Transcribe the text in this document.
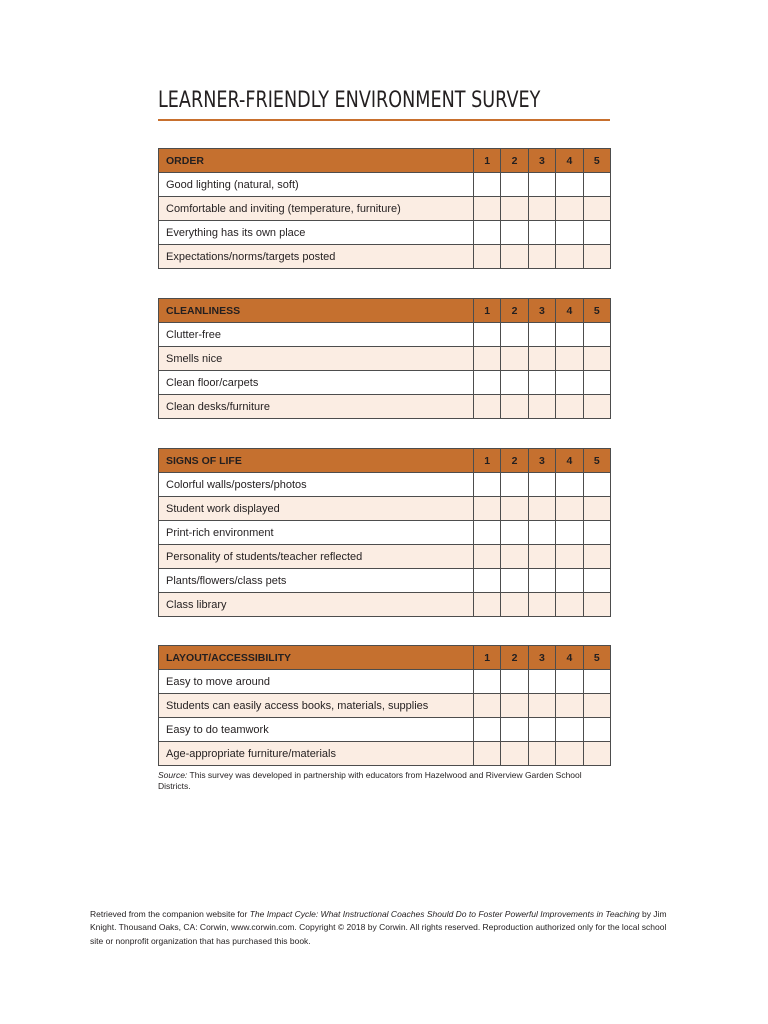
LEARNER-FRIENDLY ENVIRONMENT SURVEY
ORDER	1	2	3	4	5
Good lighting (natural, soft)					
Comfortable and inviting (temperature, furniture)					
Everything has its own place					
Expectations/norms/targets posted					
CLEANLINESS	1	2	3	4	5
Clutter-free					
Smells nice					
Clean floor/carpets					
Clean desks/furniture					
SIGNS OF LIFE	1	2	3	4	5
Colorful walls/posters/photos					
Student work displayed					
Print-rich environment					
Personality of students/teacher reflected					
Plants/flowers/class pets					
Class library					
LAYOUT/ACCESSIBILITY	1	2	3	4	5
Easy to move around					
Students can easily access books, materials, supplies					
Easy to do teamwork					
Age-appropriate furniture/materials					
Source: This survey was developed in partnership with educators from Hazelwood and Riverview Garden School Districts.
Retrieved from the companion website for The Impact Cycle: What Instructional Coaches Should Do to Foster Powerful Improvements in Teaching by Jim Knight. Thousand Oaks, CA: Corwin, www.corwin.com. Copyright © 2018 by Corwin. All rights reserved. Reproduction authorized only for the local school site or nonprofit organization that has purchased this book.
